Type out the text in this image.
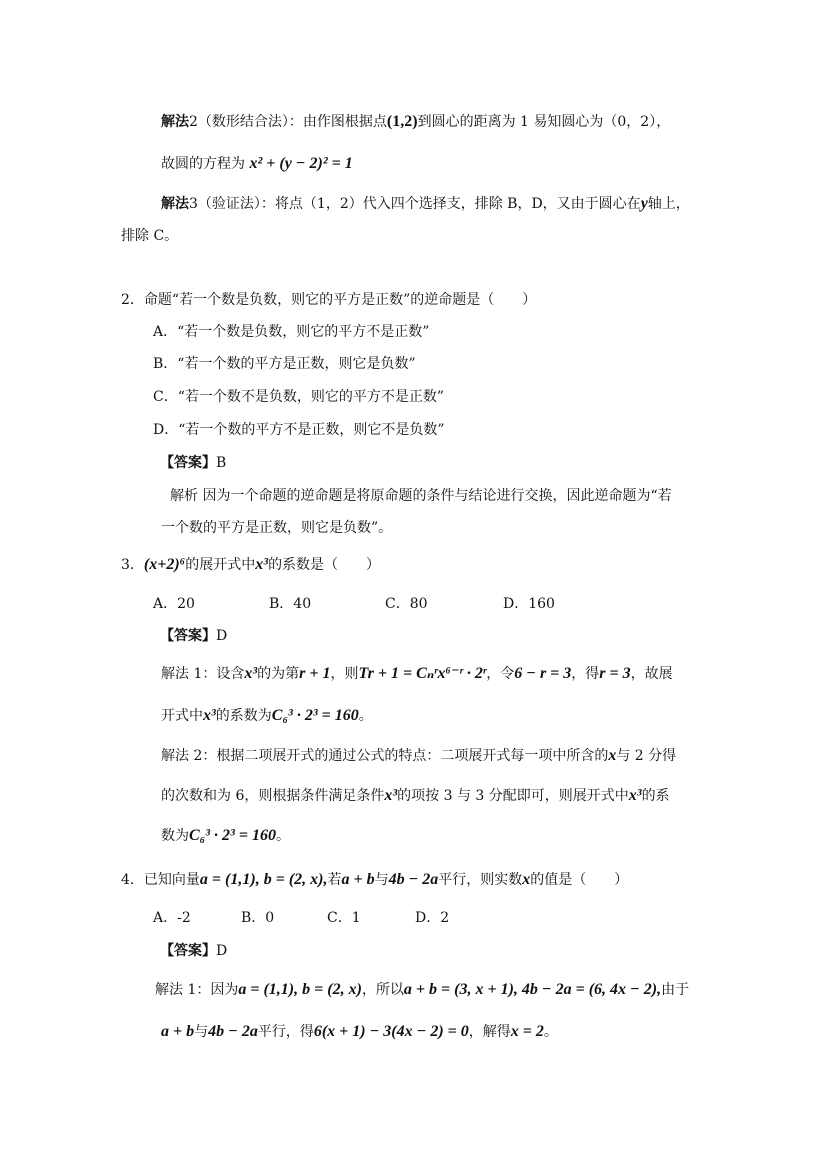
解法2（数形结合法）：由作图根据点(1,2)到圆心的距离为 1 易知圆心为（0，2），
故圆的方程为 x² + (y − 2)² = 1
解法3（验证法）：将点（1，2）代入四个选择支，排除 B，D，又由于圆心在y轴上，
排除 C。
2．命题“若一个数是负数，则它的平方是正数”的逆命题是（　　）
A．“若一个数是负数，则它的平方不是正数”
B．“若一个数的平方是正数，则它是负数”
C．“若一个数不是负数，则它的平方不是正数”
D．“若一个数的平方不是正数，则它不是负数”
【答案】B
解析 因为一个命题的逆命题是将原命题的条件与结论进行交换，因此逆命题为“若
一个数的平方是正数，则它是负数”。
3．(x+2)⁶的展开式中x³的系数是（　　）
A．20	B．40	C．80	D．160
【答案】D
解法 1：设含x³的为第r + 1，则Tr + 1 = Cₙʳx⁶⁻ʳ · 2ʳ，令6 − r = 3，得r = 3，故展
开式中x³的系数为C₆³ · 2³ = 160。
解法 2：根据二项展开式的通过公式的特点：二项展开式每一项中所含的x与 2 分得
的次数和为 6，则根据条件满足条件x³的项按 3 与 3 分配即可，则展开式中x³的系
数为C₆³ · 2³ = 160。
4．已知向量a = (1,1), b = (2, x),若a + b与4b − 2a平行，则实数x的值是（　　）
A．-2	B．0	C．1	D．2
【答案】D
解法 1：因为a = (1,1), b = (2, x)，所以a + b = (3, x + 1), 4b − 2a = (6, 4x − 2),由于
a + b与4b − 2a平行，得6(x + 1) − 3(4x − 2) = 0，解得x = 2。
